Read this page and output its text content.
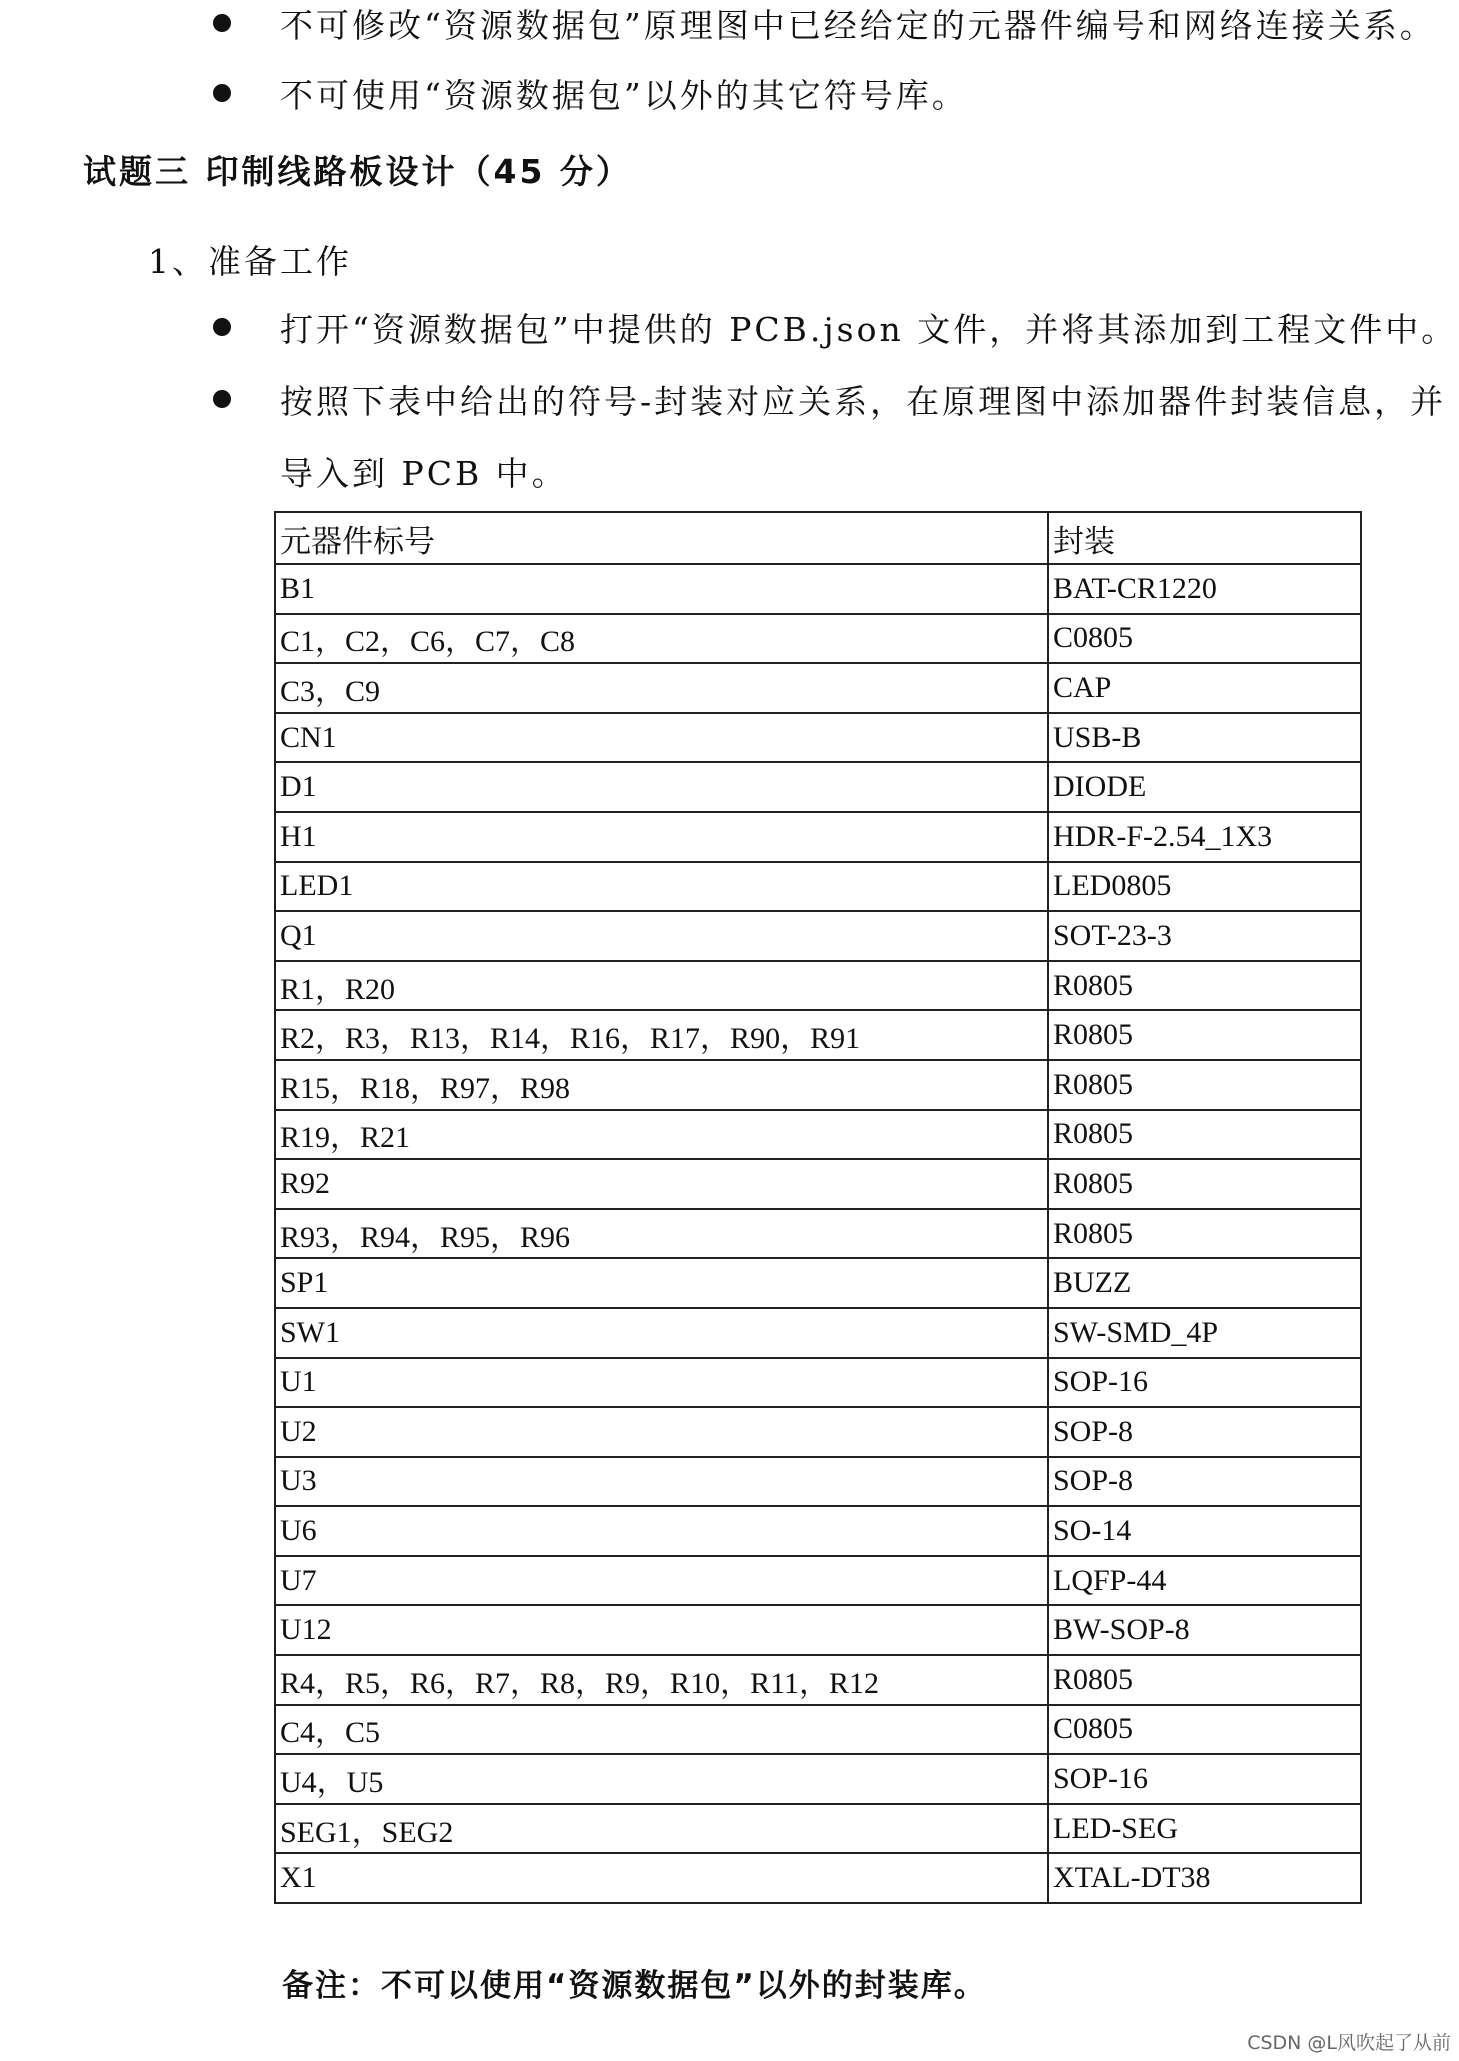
不可修改“资源数据包”原理图中已经给定的元器件编号和网络连接关系。
不可使用“资源数据包”以外的其它符号库。
试题三 印制线路板设计（45 分）
1、准备工作
打开“资源数据包”中提供的 PCB.json 文件，并将其添加到工程文件中。
按照下表中给出的符号-封装对应关系，在原理图中添加器件封装信息，并
导入到 PCB 中。
元器件标号	封装
B1	BAT-CR1220
C1，C2，C6，C7，C8	C0805
C3，C9	CAP
CN1	USB-B
D1	DIODE
H1	HDR-F-2.54_1X3
LED1	LED0805
Q1	SOT-23-3
R1，R20	R0805
R2，R3，R13，R14，R16，R17，R90，R91	R0805
R15，R18，R97，R98	R0805
R19，R21	R0805
R92	R0805
R93，R94，R95，R96	R0805
SP1	BUZZ
SW1	SW-SMD_4P
U1	SOP-16
U2	SOP-8
U3	SOP-8
U6	SO-14
U7	LQFP-44
U12	BW-SOP-8
R4，R5，R6，R7，R8，R9，R10，R11，R12	R0805
C4，C5	C0805
U4，U5	SOP-16
SEG1，SEG2	LED-SEG
X1	XTAL-DT38
备注：不可以使用“资源数据包”以外的封装库。
CSDN @L风吹起了从前
